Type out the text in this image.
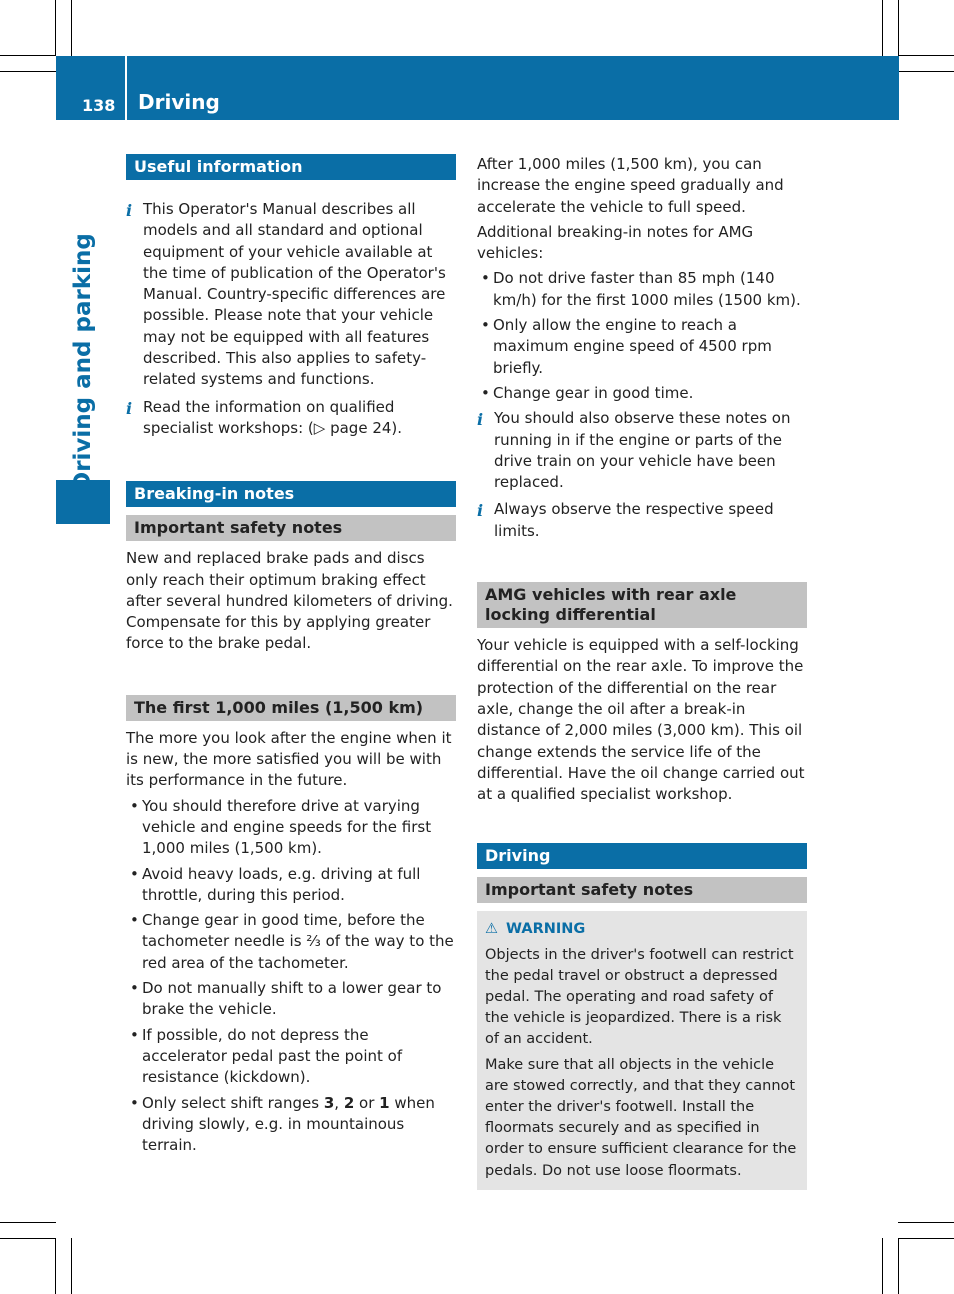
138 Driving
Driving and parking
Useful information
i This Operator's Manual describes all models and all standard and optional equipment of your vehicle available at the time of publication of the Operator's Manual. Country-specific differences are possible. Please note that your vehicle may not be equipped with all features described. This also applies to safety-related systems and functions.
i Read the information on qualified specialist workshops: (▷ page 24).
Breaking-in notes
Important safety notes

New and replaced brake pads and discs only reach their optimum braking effect after several hundred kilometers of driving. Compensate for this by applying greater force to the brake pedal.

The first 1,000 miles (1,500 km)

The more you look after the engine when it is new, the more satisfied you will be with its performance in the future.

• You should therefore drive at varying vehicle and engine speeds for the first 1,000 miles (1,500 km).
• Avoid heavy loads, e.g. driving at full throttle, during this period.
• Change gear in good time, before the tachometer needle is ⅔ of the way to the red area of the tachometer.
• Do not manually shift to a lower gear to brake the vehicle.
• If possible, do not depress the accelerator pedal past the point of resistance (kickdown).
• Only select shift ranges 3, 2 or 1 when driving slowly, e.g. in mountainous terrain.

After 1,000 miles (1,500 km), you can increase the engine speed gradually and accelerate the vehicle to full speed.

Additional breaking-in notes for AMG vehicles:

• Do not drive faster than 85 mph (140 km/h) for the first 1000 miles (1500 km).
• Only allow the engine to reach a maximum engine speed of 4500 rpm briefly.
• Change gear in good time.
i You should also observe these notes on running in if the engine or parts of the drive train on your vehicle have been replaced.
i Always observe the respective speed limits.
AMG vehicles with rear axle locking differential

Your vehicle is equipped with a self-locking differential on the rear axle. To improve the protection of the differential on the rear axle, change the oil after a break-in distance of 2,000 miles (3,000 km). This oil change extends the service life of the differential. Have the oil change carried out at a qualified specialist workshop.

Driving
Important safety notes
⚠ WARNING

Objects in the driver's footwell can restrict the pedal travel or obstruct a depressed pedal. The operating and road safety of the vehicle is jeopardized. There is a risk of an accident.

Make sure that all objects in the vehicle are stowed correctly, and that they cannot enter the driver's footwell. Install the floormats securely and as specified in order to ensure sufficient clearance for the pedals. Do not use loose floormats.
